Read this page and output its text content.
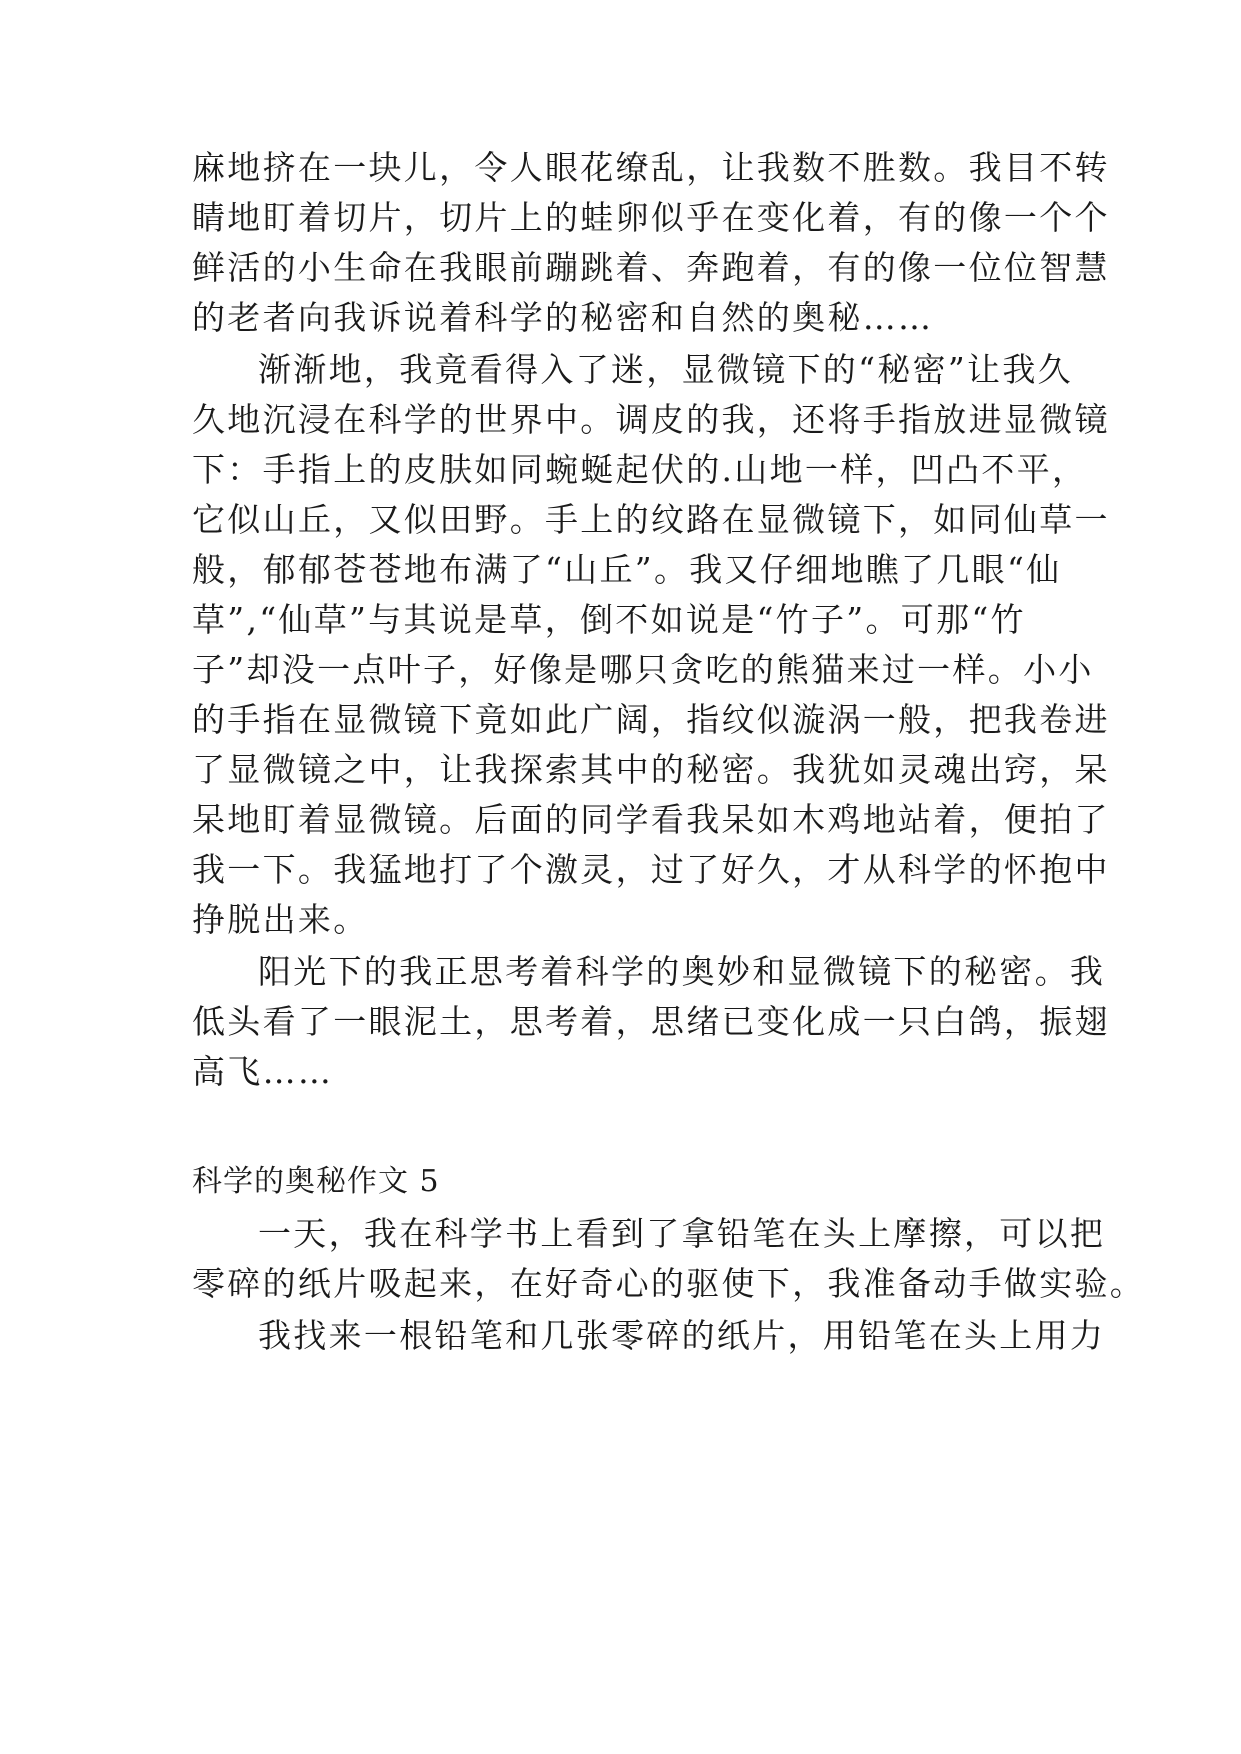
麻地挤在一块儿，令人眼花缭乱，让我数不胜数。我目不转
睛地盯着切片，切片上的蛙卵似乎在变化着，有的像一个个
鲜活的小生命在我眼前蹦跳着、奔跑着，有的像一位位智慧
的老者向我诉说着科学的秘密和自然的奥秘……
渐渐地，我竟看得入了迷，显微镜下的“秘密”让我久
久地沉浸在科学的世界中。调皮的我，还将手指放进显微镜
下：手指上的皮肤如同蜿蜒起伏的.山地一样，凹凸不平，
它似山丘，又似田野。手上的纹路在显微镜下，如同仙草一
般，郁郁苍苍地布满了“山丘”。我又仔细地瞧了几眼“仙
草”,“仙草”与其说是草，倒不如说是“竹子”。可那“竹
子”却没一点叶子，好像是哪只贪吃的熊猫来过一样。小小
的手指在显微镜下竟如此广阔，指纹似漩涡一般，把我卷进
了显微镜之中，让我探索其中的秘密。我犹如灵魂出窍，呆
呆地盯着显微镜。后面的同学看我呆如木鸡地站着，便拍了
我一下。我猛地打了个激灵，过了好久，才从科学的怀抱中
挣脱出来。
阳光下的我正思考着科学的奥妙和显微镜下的秘密。我
低头看了一眼泥土，思考着，思绪已变化成一只白鸽，振翅
高飞……
科学的奥秘作文 5
一天，我在科学书上看到了拿铅笔在头上摩擦，可以把
零碎的纸片吸起来，在好奇心的驱使下，我准备动手做实验。
我找来一根铅笔和几张零碎的纸片，用铅笔在头上用力
